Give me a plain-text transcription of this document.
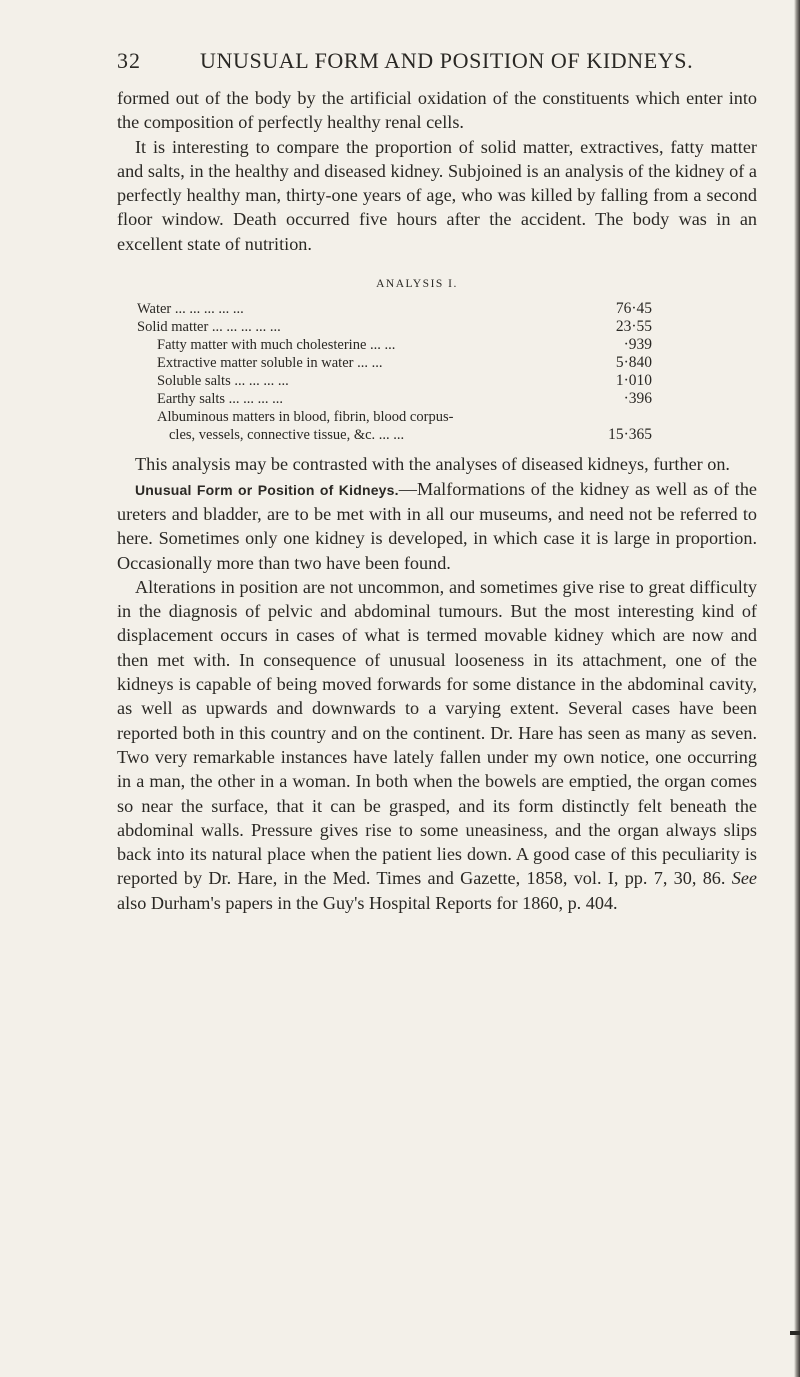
32	UNUSUAL FORM AND POSITION OF KIDNEYS.

formed out of the body by the artificial oxidation of the constituents which enter into the composition of perfectly healthy renal cells.

It is interesting to compare the proportion of solid matter, extractives, fatty matter and salts, in the healthy and diseased kidney. Subjoined is an analysis of the kidney of a perfectly healthy man, thirty-one years of age, who was killed by falling from a second floor window. Death occurred five hours after the accident. The body was in an excellent state of nutrition.

ANALYSIS I.
Water ... ... ... ... ...	76·45
Solid matter ... ... ... ... ...	23·55
Fatty matter with much cholesterine ... ...	·939
Extractive matter soluble in water ... ...	5·840
Soluble salts ... ... ... ...	1·010
Earthy salts ... ... ... ...	·396
Albuminous matters in blood, fibrin, blood corpus-
cles, vessels, connective tissue, &c. ... ...	15·365

This analysis may be contrasted with the analyses of diseased kidneys, further on.

Unusual Form or Position of Kidneys.—Malformations of the kidney as well as of the ureters and bladder, are to be met with in all our museums, and need not be referred to here. Sometimes only one kidney is developed, in which case it is large in proportion. Occasionally more than two have been found.

Alterations in position are not uncommon, and sometimes give rise to great difficulty in the diagnosis of pelvic and abdominal tumours. But the most interesting kind of displacement occurs in cases of what is termed movable kidney which are now and then met with. In consequence of unusual looseness in its attachment, one of the kidneys is capable of being moved forwards for some distance in the abdominal cavity, as well as upwards and downwards to a varying extent. Several cases have been reported both in this country and on the continent. Dr. Hare has seen as many as seven. Two very remarkable instances have lately fallen under my own notice, one occurring in a man, the other in a woman. In both when the bowels are emptied, the organ comes so near the surface, that it can be grasped, and its form distinctly felt beneath the abdominal walls. Pressure gives rise to some uneasiness, and the organ always slips back into its natural place when the patient lies down. A good case of this peculiarity is reported by Dr. Hare, in the Med. Times and Gazette, 1858, vol. I, pp. 7, 30, 86. See also Durham's papers in the Guy's Hospital Reports for 1860, p. 404.
